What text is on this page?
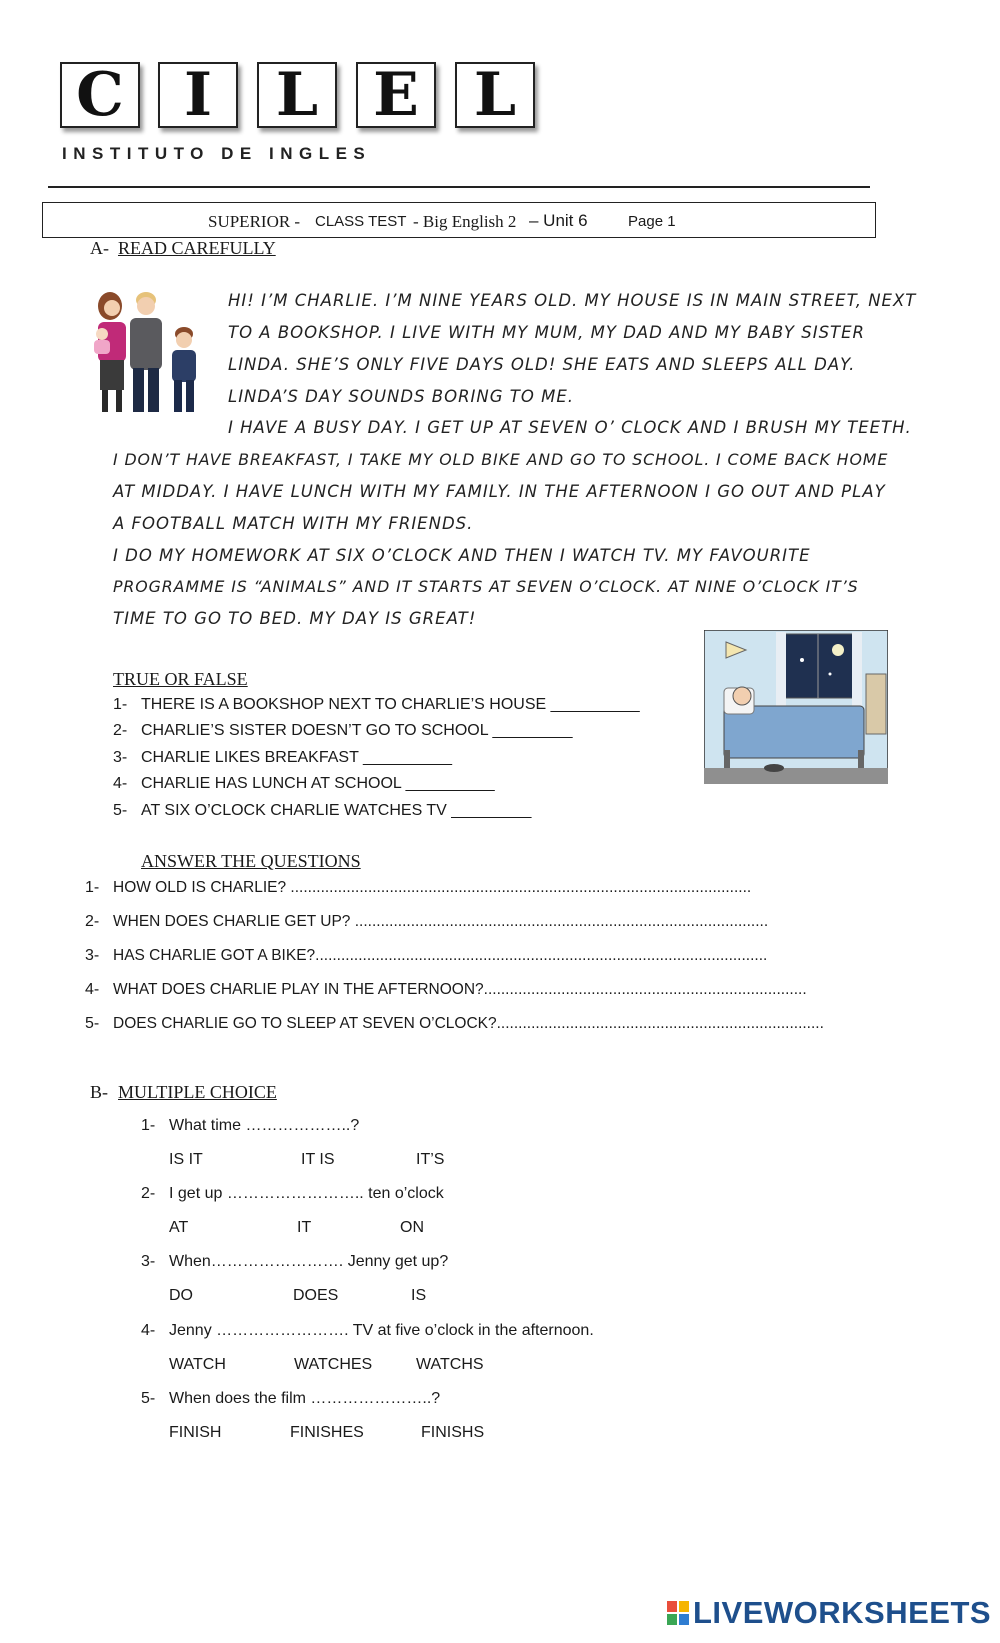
C	I	L E L
INSTITUTO DE INGLES
SUPERIOR - CLASS TEST - Big English 2 – Unit 6	Page 1
A- READ CAREFULLY
HI! I’M CHARLIE. I’M NINE YEARS OLD. MY HOUSE IS IN MAIN STREET, NEXT
TO A BOOKSHOP. I LIVE WITH MY MUM, MY DAD AND MY BABY SISTER
LINDA. SHE’S ONLY FIVE DAYS OLD! SHE EATS AND SLEEPS ALL DAY.
LINDA’S DAY SOUNDS BORING TO ME.
I HAVE A BUSY DAY. I GET UP AT SEVEN O’ CLOCK AND I BRUSH MY TEETH.
I DON’T HAVE BREAKFAST, I TAKE MY OLD BIKE AND GO TO SCHOOL. I COME BACK HOME
AT MIDDAY. I HAVE LUNCH WITH MY FAMILY. IN THE AFTERNOON I GO OUT AND PLAY
A FOOTBALL MATCH WITH MY FRIENDS.
I DO MY HOMEWORK AT SIX O’CLOCK AND THEN I WATCH TV. MY FAVOURITE
PROGRAMME IS “ANIMALS” AND IT STARTS AT SEVEN O’CLOCK. AT NINE O’CLOCK IT’S
TIME TO GO TO BED. MY DAY IS GREAT!
TRUE OR FALSE
1- THERE IS A BOOKSHOP NEXT TO CHARLIE’S HOUSE __________
2- CHARLIE’S SISTER DOESN’T GO TO SCHOOL _________
3- CHARLIE LIKES BREAKFAST __________
4- CHARLIE HAS LUNCH AT SCHOOL __________
5- AT SIX O’CLOCK CHARLIE WATCHES TV _________
ANSWER THE QUESTIONS
1- HOW OLD IS CHARLIE? ...........................................................................................................
2- WHEN DOES CHARLIE GET UP? ................................................................................................
3- HAS CHARLIE GOT A BIKE?.........................................................................................................
4- WHAT DOES CHARLIE PLAY IN THE AFTERNOON?...........................................................................
5- DOES CHARLIE GO TO SLEEP AT SEVEN O’CLOCK?............................................................................
B- MULTIPLE CHOICE
1- What time ………………..?
IS IT	IT IS	IT’S
2- I get up …………………….. ten o’clock
AT	IT	ON
3- When……………………. Jenny get up?
DO	DOES	IS
4- Jenny ……………………. TV at five o’clock in the afternoon.
WATCH	WATCHES	WATCHS
5- When does the film …………………..?
FINISH	FINISHES	FINISHS
LIVEWORKSHEETS
